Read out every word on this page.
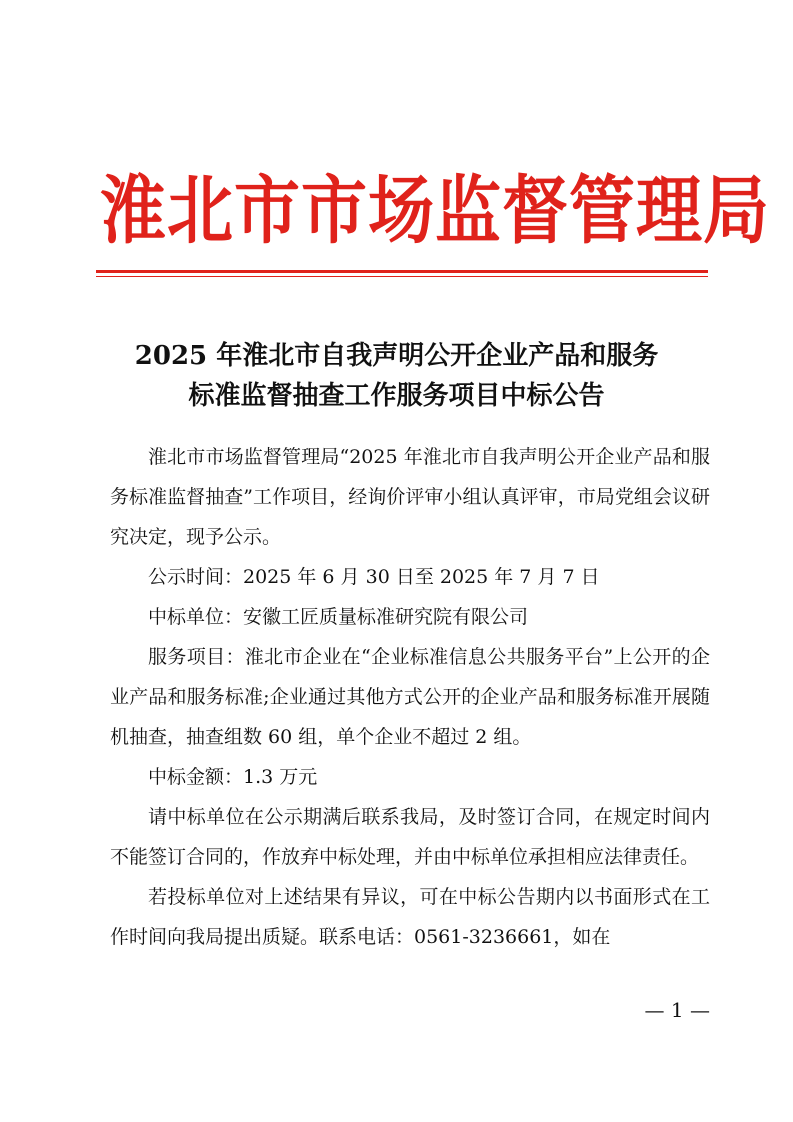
淮北市市场监督管理局
2025 年淮北市自我声明公开企业产品和服务
标准监督抽查工作服务项目中标公告

淮北市市场监督管理局“2025 年淮北市自我声明公开企业产品和服务标准监督抽查”工作项目，经询价评审小组认真评审，市局党组会议研究决定，现予公示。

公示时间：2025 年 6 月 30 日至 2025 年 7 月 7 日

中标单位：安徽工匠质量标准研究院有限公司

服务项目：淮北市企业在“企业标准信息公共服务平台”上公开的企业产品和服务标准;企业通过其他方式公开的企业产品和服务标准开展随机抽查，抽查组数 60 组，单个企业不超过 2 组。

中标金额：1.3 万元

请中标单位在公示期满后联系我局，及时签订合同，在规定时间内不能签订合同的，作放弃中标处理，并由中标单位承担相应法律责任。

若投标单位对上述结果有异议，可在中标公告期内以书面形式在工作时间向我局提出质疑。联系电话：0561-3236661，如在

— 1 —
